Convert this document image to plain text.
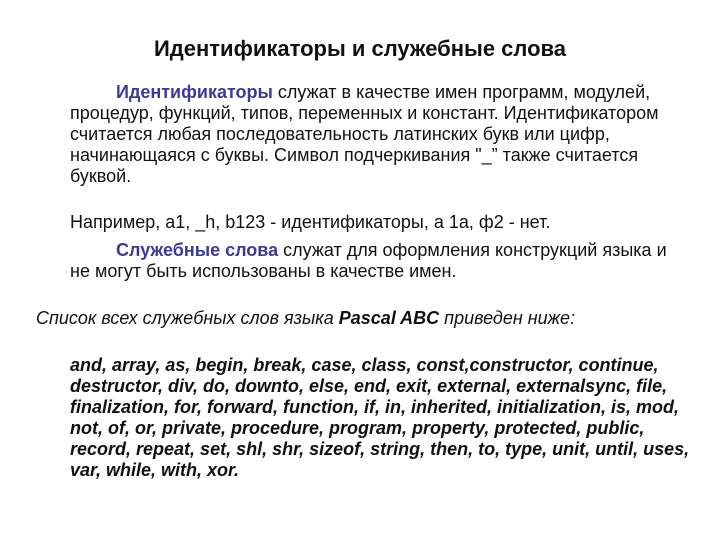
Идентификаторы и служебные слова

Идентификаторы служат в качестве имен программ, модулей, процедур, функций, типов, переменных и констант. Идентификатором считается любая последовательность латинских букв или цифр, начинающаяся с буквы. Символ подчеркивания "_” также считается буквой.

Например, а1, _h, b123 - идентификаторы, а 1а, ф2 - нет.

Служебные слова служат для оформления конструкций языка и не могут быть использованы в качестве имен.

Список всех служебных слов языка Pascal ABC приведен ниже:

and, array, as, begin, break, case, class, const,constructor, continue, destructor, div, do, downto, else, end, exit, external, externalsync, file, finalization, for, forward, function, if, in, inherited, initialization, is, mod, not, of, or, private, procedure, program, property, protected, public, record, repeat, set, shl, shr, sizeof, string, then, to, type, unit, until, uses, var, while, with, xor.
